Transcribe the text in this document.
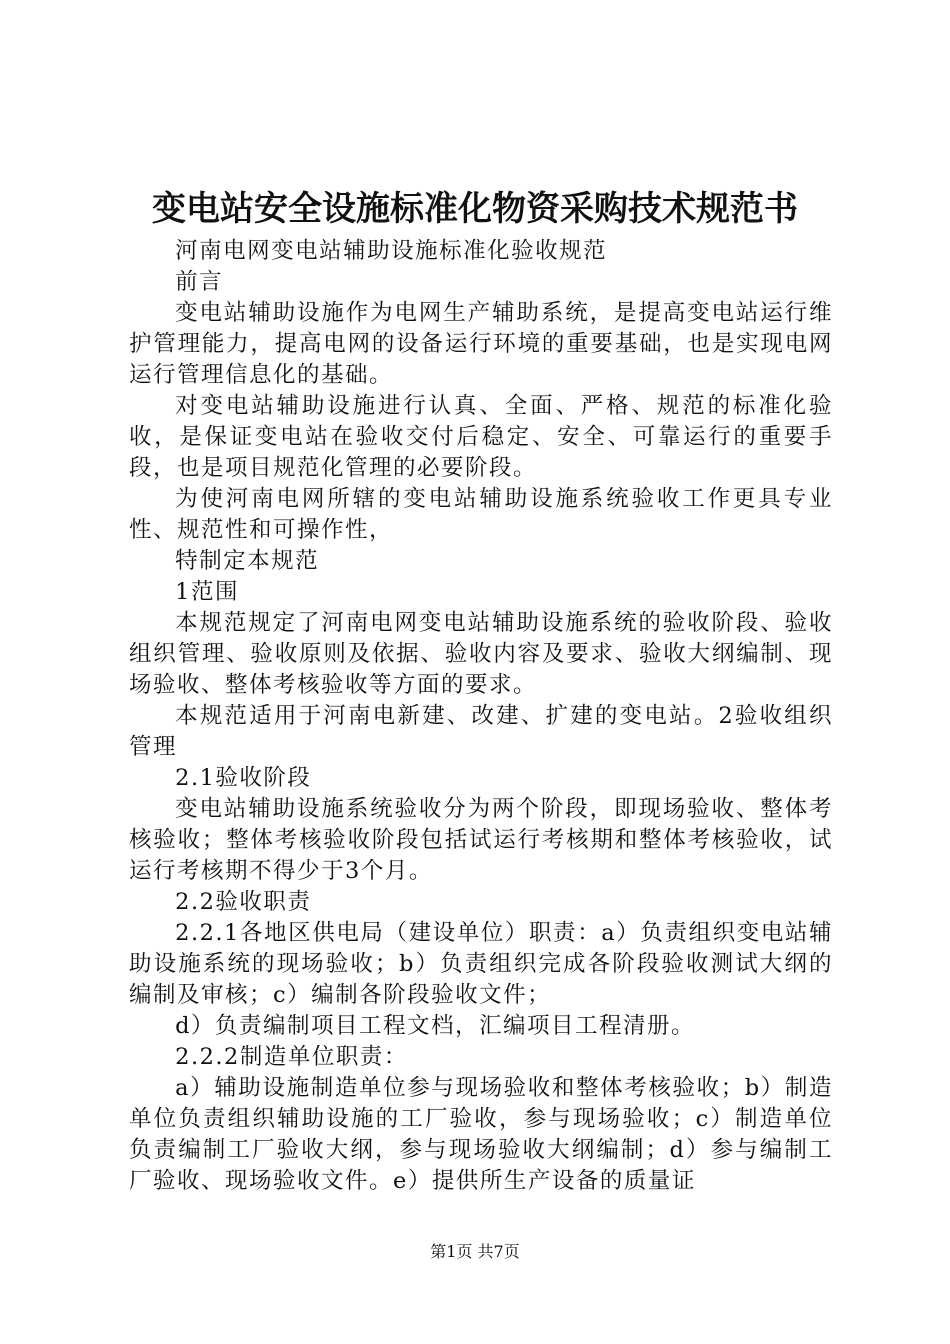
变电站安全设施标准化物资采购技术规范书

河南电网变电站辅助设施标准化验收规范

前言

变电站辅助设施作为电网生产辅助系统，是提高变电站运行维护管理能力，提高电网的设备运行环境的重要基础，也是实现电网运行管理信息化的基础。

对变电站辅助设施进行认真、全面、严格、规范的标准化验收，是保证变电站在验收交付后稳定、安全、可靠运行的重要手段，也是项目规范化管理的必要阶段。

为使河南电网所辖的变电站辅助设施系统验收工作更具专业性、规范性和可操作性，

特制定本规范

1范围

本规范规定了河南电网变电站辅助设施系统的验收阶段、验收组织管理、验收原则及依据、验收内容及要求、验收大纲编制、现场验收、整体考核验收等方面的要求。

本规范适用于河南电新建、改建、扩建的变电站。2验收组织管理

2.1验收阶段

变电站辅助设施系统验收分为两个阶段，即现场验收、整体考核验收；整体考核验收阶段包括试运行考核期和整体考核验收，试运行考核期不得少于3个月。

2.2验收职责

2.2.1各地区供电局（建设单位）职责：a）负责组织变电站辅助设施系统的现场验收；b）负责组织完成各阶段验收测试大纲的编制及审核；c）编制各阶段验收文件；

d）负责编制项目工程文档，汇编项目工程清册。

2.2.2制造单位职责：

a）辅助设施制造单位参与现场验收和整体考核验收；b）制造单位负责组织辅助设施的工厂验收，参与现场验收；c）制造单位负责编制工厂验收大纲，参与现场验收大纲编制；d）参与编制工厂验收、现场验收文件。e）提供所生产设备的质量证

第1页 共7页
